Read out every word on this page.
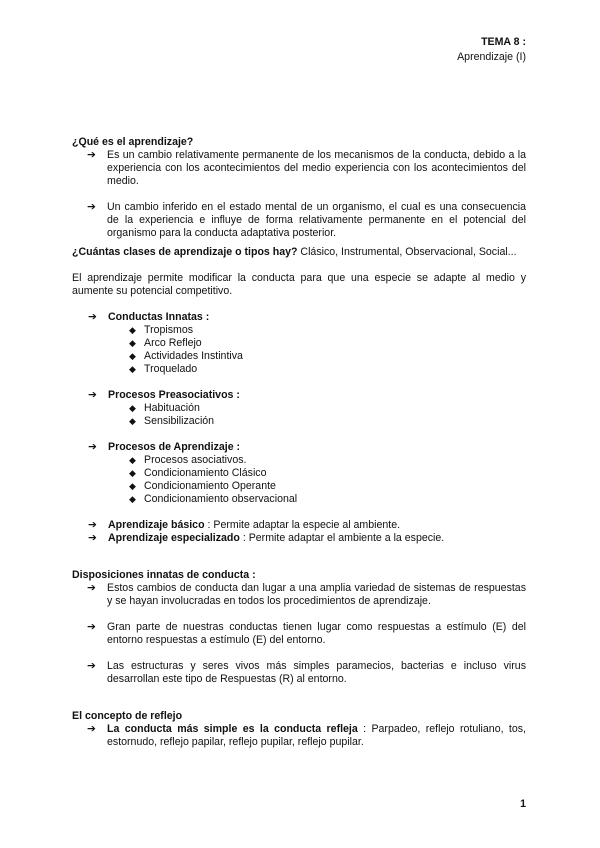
TEMA 8 :
Aprendizaje (I)
¿Qué es el aprendizaje?
➔ Es un cambio relativamente permanente de los mecanismos de la conducta, debido a la experiencia con los acontecimientos del medio experiencia con los acontecimientos del medio.
➔ Un cambio inferido en el estado mental de un organismo, el cual es una consecuencia de la experiencia e influye de forma relativamente permanente en el potencial del organismo para la conducta adaptativa posterior.
¿Cuántas clases de aprendizaje o tipos hay? Clásico, Instrumental, Observacional, Social...
El aprendizaje permite modificar la conducta para que una especie se adapte al medio y aumente su potencial competitivo.
➔ Conductas Innatas :
◆ Tropismos
◆ Arco Reflejo
◆ Actividades Instintiva
◆ Troquelado
➔ Procesos Preasociativos :
◆ Habituación
◆ Sensibilización
➔ Procesos de Aprendizaje :
◆ Procesos asociativos.
◆ Condicionamiento Clásico
◆ Condicionamiento Operante
◆ Condicionamiento observacional
➔ Aprendizaje básico : Permite adaptar la especie al ambiente.
➔ Aprendizaje especializado : Permite adaptar el ambiente a la especie.
Disposiciones innatas de conducta :
➔ Estos cambios de conducta dan lugar a una amplia variedad de sistemas de respuestas y se hayan involucradas en todos los procedimientos de aprendizaje.
➔ Gran parte de nuestras conductas tienen lugar como respuestas a estímulo (E) del entorno respuestas a estímulo (E) del entorno.
➔ Las estructuras y seres vivos más simples paramecios, bacterias e incluso virus desarrollan este tipo de Respuestas (R) al entorno.
El concepto de reflejo
➔ La conducta más simple es la conducta refleja : Parpadeo, reflejo rotuliano, tos, estornudo, reflejo papilar, reflejo pupilar, reflejo pupilar.
1
